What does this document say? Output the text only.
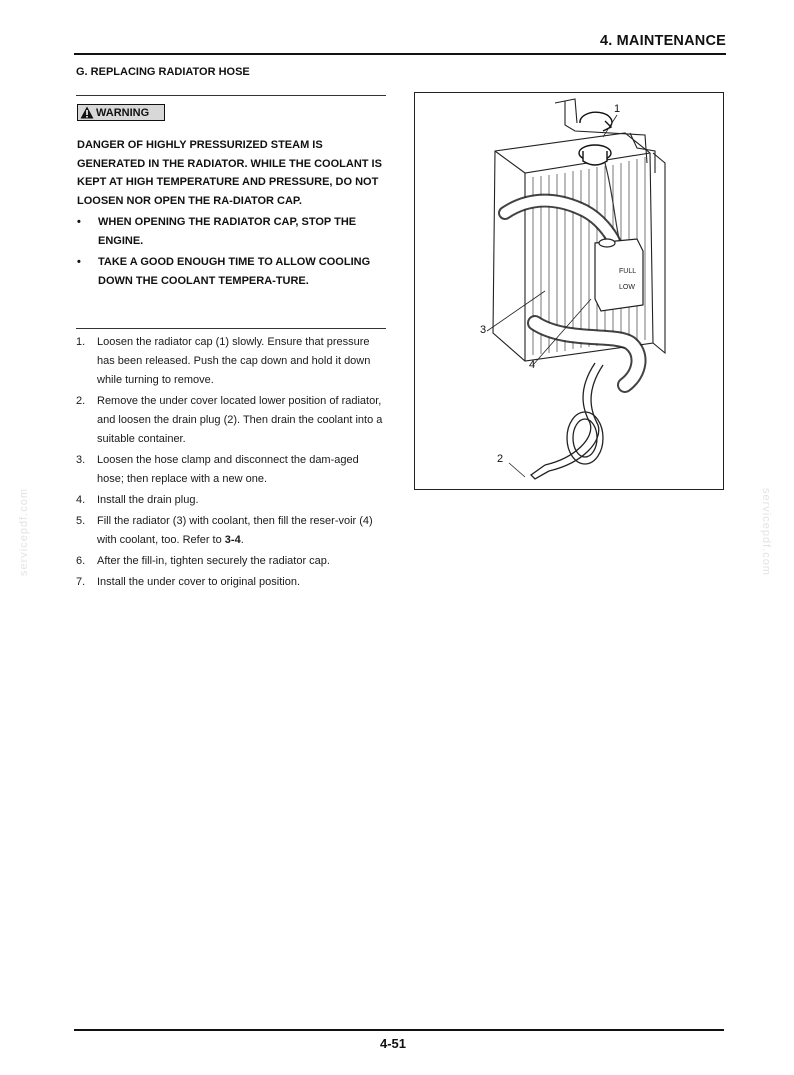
4. MAINTENANCE
G. REPLACING RADIATOR HOSE
WARNING

DANGER OF HIGHLY PRESSURIZED STEAM IS GENERATED IN THE RADIATOR. WHILE THE COOLANT IS KEPT AT HIGH TEMPERATURE AND PRESSURE, DO NOT LOOSEN NOR OPEN THE RA-DIATOR CAP.

• WHEN OPENING THE RADIATOR CAP, STOP THE ENGINE.
• TAKE A GOOD ENOUGH TIME TO ALLOW COOLING DOWN THE COOLANT TEMPERA-TURE.
1. Loosen the radiator cap (1) slowly. Ensure that pressure has been released. Push the cap down and hold it down while turning to remove.
2. Remove the under cover located lower position of radiator, and loosen the drain plug (2). Then drain the coolant into a suitable container.
3. Loosen the hose clamp and disconnect the dam-aged hose; then replace with a new one.
4. Install the drain plug.
5. Fill the radiator (3) with coolant, then fill the reser-voir (4) with coolant, too. Refer to 3-4.
6. After the fill-in, tighten securely the radiator cap.
7. Install the under cover to original position.
FULL
LOW
1
2
3
4
servicepdf.com	servicepdf.com
4-51
